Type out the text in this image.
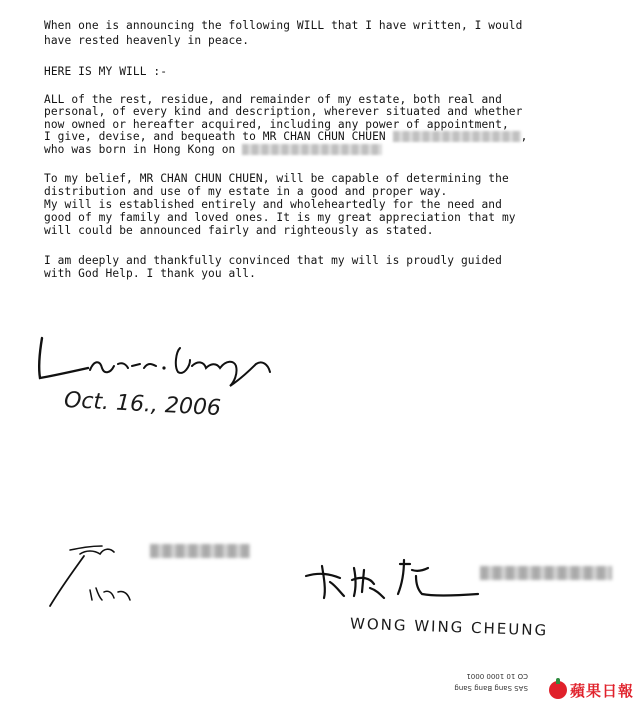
When one is announcing the following WILL that I have written, I would
have rested heavenly in peace.
HERE IS MY WILL :-
ALL of the rest, residue, and remainder of my estate, both real and
personal, of every kind and description, wherever situated and whether
now owned or hereafter acquired, including any power of appointment,
I give, devise, and bequeath to MR CHAN CHUN CHUEN	,
who was born in Hong Kong on
To my belief, MR CHAN CHUN CHUEN, will be capable of determining the
distribution and use of my estate in a good and proper way.
My will is established entirely and wholeheartedly for the need and
good of my family and loved ones. It is my great appreciation that my
will could be announced fairly and righteously as stated.
I am deeply and thankfully convinced that my will is proudly guided
with God Help. I thank you all.
Oct. 16., 2006
WONG WING CHEUNG
CO 10 1000 0001
SAS Sang Bang Sang	蘋果日報
